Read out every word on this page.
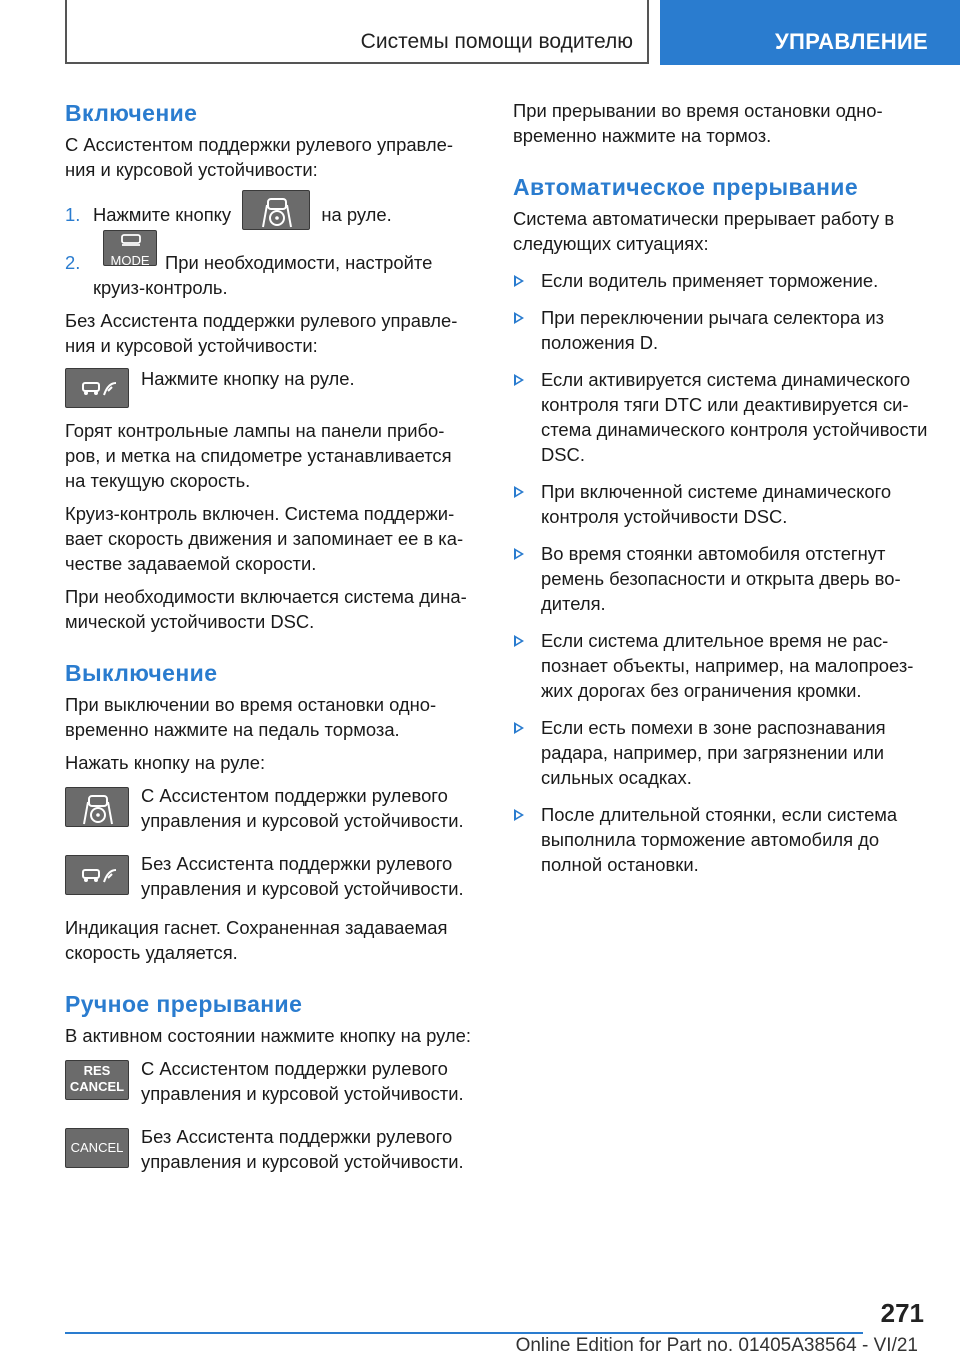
Системы помощи водителю	УПРАВЛЕНИЕ
Включение

С Ассистентом поддержки рулевого управле-ния и курсовой устойчивости:

1. Нажмите кнопку	на руле.
2.	MODE При необходимости, настройте круиз-контроль.

Без Ассистента поддержки рулевого управле-ния и курсовой устойчивости:

Нажмите кнопку на руле.

Горят контрольные лампы на панели прибо-ров, и метка на спидометре устанавливается на текущую скорость.

Круиз-контроль включен. Система поддержи-вает скорость движения и запоминает ее в ка-честве задаваемой скорости.

При необходимости включается система дина-мической устойчивости DSC.

Выключение

При выключении во время остановки одно-временно нажмите на педаль тормоза.

Нажать кнопку на руле:

С Ассистентом поддержки рулевого управления и курсовой устойчивости.
Без Ассистента поддержки рулевого управления и курсовой устойчивости.

Индикация гаснет. Сохраненная задаваемая скорость удаляется.

Ручное прерывание

В активном состоянии нажмите кнопку на руле:

RES
CANCEL
С Ассистентом поддержки рулевого управления и курсовой устойчивости.
CANCEL
Без Ассистента поддержки рулевого управления и курсовой устойчивости.

При прерывании во время остановки одно-временно нажмите на тормоз.

Автоматическое прерывание

Система автоматически прерывает работу в следующих ситуациях:

Если водитель применяет торможение.
При переключении рычага селектора из положения D.
Если активируется система динамического контроля тяги DTC или деактивируется си-стема динамического контроля устойчивости DSC.
При включенной системе динамического контроля устойчивости DSC.
Во время стоянки автомобиля отстегнут ремень безопасности и открыта дверь во-дителя.
Если система длительное время не рас-познает объекты, например, на малопроез-жих дорогах без ограничения кромки.
Если есть помехи в зоне распознавания радара, например, при загрязнении или сильных осадках.
После длительной стоянки, если система выполнила торможение автомобиля до полной остановки.
271
Online Edition for Part no. 01405A38564 - VI/21
